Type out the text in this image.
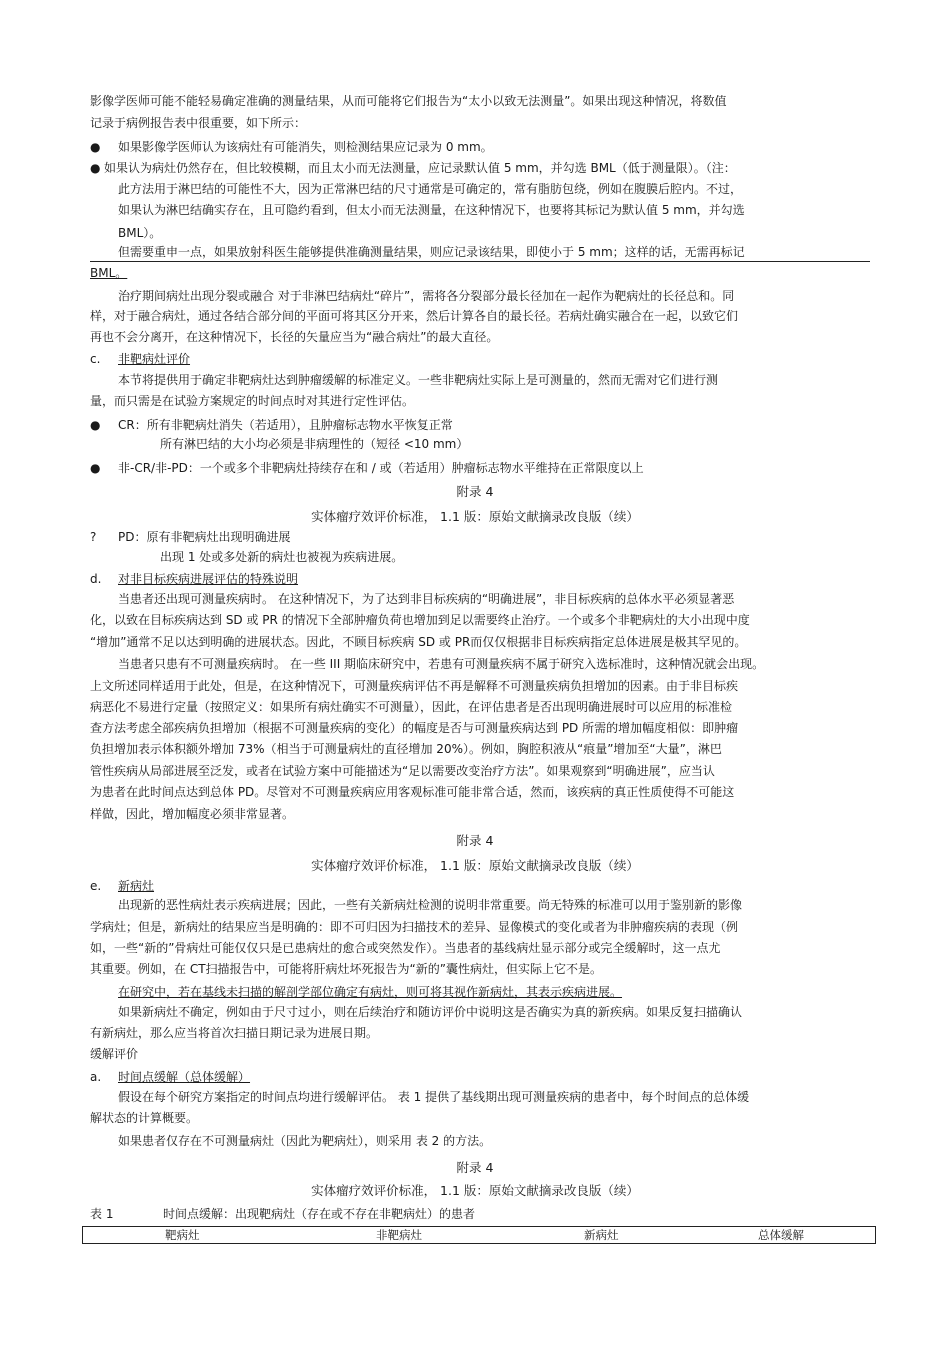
影像学医师可能不能轻易确定准确的测量结果，从而可能将它们报告为“太小以致无法测量”。如果出现这种情况，将数值
记录于病例报告表中很重要，如下所示：
● 如果影像学医师认为该病灶有可能消失，则检测结果应记录为 0 mm。
● 如果认为病灶仍然存在，但比较模糊，而且太小而无法测量，应记录默认值 5 mm，并勾选 BML（低于测量限）。（注：
此方法用于淋巴结的可能性不大，因为正常淋巴结的尺寸通常是可确定的，常有脂肪包绕，例如在腹膜后腔内。不过，
如果认为淋巴结确实存在，且可隐约看到，但太小而无法测量，在这种情况下，也要将其标记为默认值 5 mm，并勾选
BML）。
但需要重申一点，如果放射科医生能够提供准确测量结果，则应记录该结果，即使小于 5 mm；这样的话，无需再标记
BML。
治疗期间病灶出现分裂或融合 对于非淋巴结病灶“碎片”，需将各分裂部分最长径加在一起作为靶病灶的长径总和。同
样，对于融合病灶，通过各结合部分间的平面可将其区分开来，然后计算各自的最长径。若病灶确实融合在一起，以致它们
再也不会分离开，在这种情况下，长径的矢量应当为“融合病灶”的最大直径。
c. 非靶病灶评价
本节将提供用于确定非靶病灶达到肿瘤缓解的标准定义。一些非靶病灶实际上是可测量的，然而无需对它们进行测
量，而只需是在试验方案规定的时间点时对其进行定性评估。
● CR：所有非靶病灶消失（若适用），且肿瘤标志物水平恢复正常
所有淋巴结的大小均必须是非病理性的（短径 <10 mm）
● 非-CR/非-PD：一个或多个非靶病灶持续存在和 / 或（若适用）肿瘤标志物水平维持在正常限度以上
附录 4
实体瘤疗效评价标准， 1.1 版：原始文献摘录改良版（续）
? PD：原有非靶病灶出现明确进展
出现 1 处或多处新的病灶也被视为疾病进展。
d. 对非目标疾病进展评估的特殊说明
当患者还出现可测量疾病时。 在这种情况下，为了达到非目标疾病的“明确进展”，非目标疾病的总体水平必须显著恶
化，以致在目标疾病达到 SD 或 PR 的情况下全部肿瘤负荷也增加到足以需要终止治疗。一个或多个非靶病灶的大小出现中度
“增加”通常不足以达到明确的进展状态。因此，不顾目标疾病 SD 或 PR而仅仅根据非目标疾病指定总体进展是极其罕见的。
当患者只患有不可测量疾病时。 在一些 III 期临床研究中，若患有可测量疾病不属于研究入选标准时，这种情况就会出现。
上文所述同样适用于此处，但是，在这种情况下，可测量疾病评估不再是解释不可测量疾病负担增加的因素。由于非目标疾
病恶化不易进行定量（按照定义：如果所有病灶确实不可测量），因此，在评估患者是否出现明确进展时可以应用的标准检
查方法考虑全部疾病负担增加（根据不可测量疾病的变化）的幅度是否与可测量疾病达到 PD 所需的增加幅度相似：即肿瘤
负担增加表示体积额外增加 73%（相当于可测量病灶的直径增加 20%）。例如，胸腔积液从“痕量”增加至“大量”，淋巴
管性疾病从局部进展至泛发，或者在试验方案中可能描述为“足以需要改变治疗方法”。如果观察到“明确进展”，应当认
为患者在此时间点达到总体 PD。尽管对不可测量疾病应用客观标准可能非常合适，然而，该疾病的真正性质使得不可能这
样做，因此，增加幅度必须非常显著。
附录 4
实体瘤疗效评价标准， 1.1 版：原始文献摘录改良版（续）
e. 新病灶
出现新的恶性病灶表示疾病进展；因此，一些有关新病灶检测的说明非常重要。尚无特殊的标准可以用于鉴别新的影像
学病灶；但是，新病灶的结果应当是明确的：即不可归因为扫描技术的差异、显像模式的变化或者为非肿瘤疾病的表现（例
如，一些“新的”骨病灶可能仅仅只是已患病灶的愈合或突然发作）。当患者的基线病灶显示部分或完全缓解时，这一点尤
其重要。例如，在 CT扫描报告中，可能将肝病灶坏死报告为“新的”囊性病灶，但实际上它不是。
在研究中，若在基线未扫描的解剖学部位确定有病灶，则可将其视作新病灶，其表示疾病进展。
如果新病灶不确定，例如由于尺寸过小，则在后续治疗和随访评价中说明这是否确实为真的新疾病。如果反复扫描确认
有新病灶，那么应当将首次扫描日期记录为进展日期。
缓解评价
a. 时间点缓解（总体缓解）
假设在每个研究方案指定的时间点均进行缓解评估。 表 1 提供了基线期出现可测量疾病的患者中，每个时间点的总体缓
解状态的计算概要。
如果患者仅存在不可测量病灶（因此为靶病灶），则采用 表 2 的方法。
附录 4
实体瘤疗效评价标准， 1.1 版：原始文献摘录改良版（续）
表 1	时间点缓解：出现靶病灶（存在或不存在非靶病灶）的患者
靶病灶	非靶病灶	新病灶	总体缓解
